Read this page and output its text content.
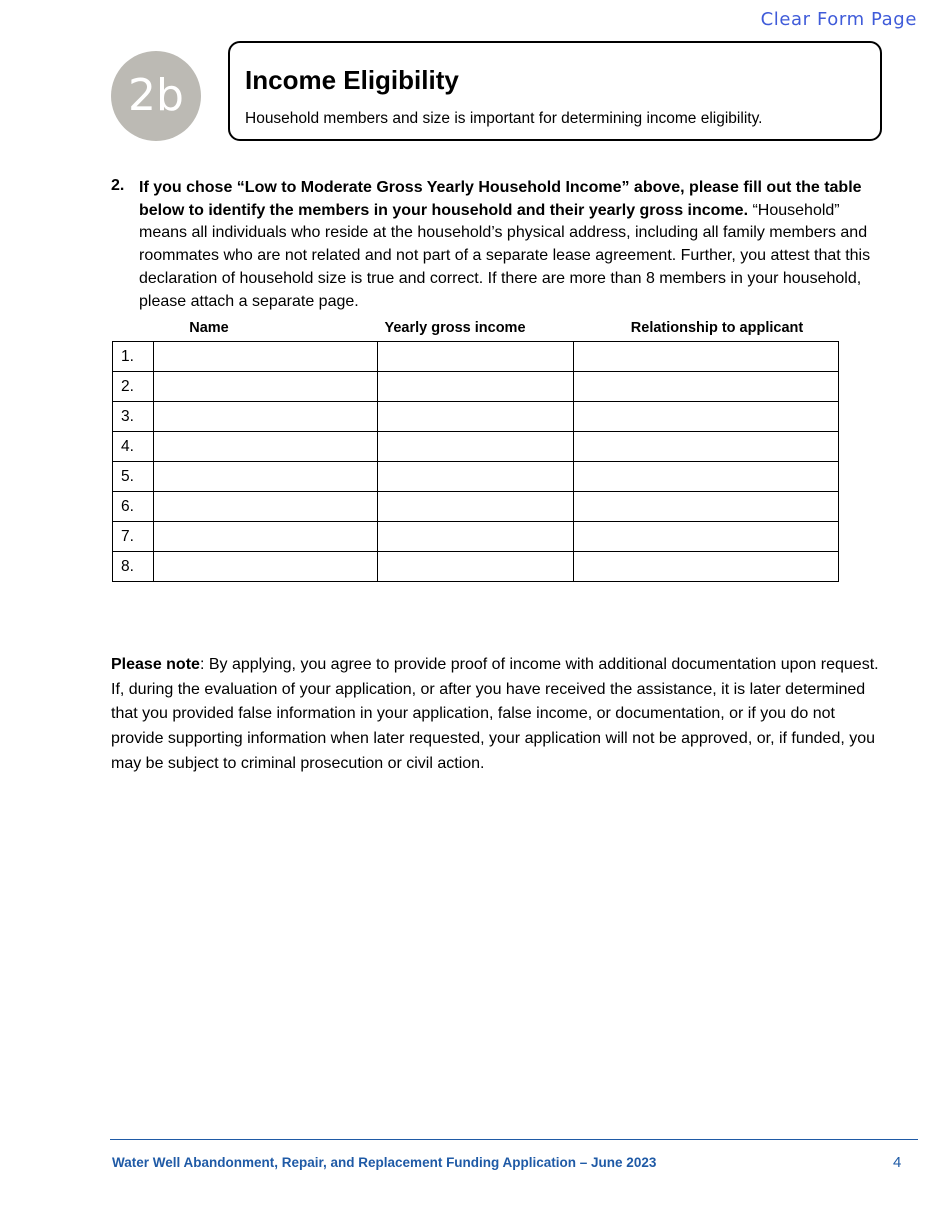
Clear Form Page
2b	Income Eligibility
Household members and size is important for determining income eligibility.
2. If you chose “Low to Moderate Gross Yearly Household Income” above, please fill out the table below to identify the members in your household and their yearly gross income. “Household” means all individuals who reside at the household’s physical address, including all family members and roommates who are not related and not part of a separate lease agreement. Further, you attest that this declaration of household size is true and correct. If there are more than 8 members in your household, please attach a separate page.
Name	Yearly gross income	Relationship to applicant
1.			
2.			
3.			
4.			
5.			
6.			
7.			
8.			
Please note: By applying, you agree to provide proof of income with additional documentation upon request. If, during the evaluation of your application, or after you have received the assistance, it is later determined that you provided false information in your application, false income, or documentation, or if you do not provide supporting information when later requested, your application will not be approved, or, if funded, you may be subject to criminal prosecution or civil action.
Water Well Abandonment, Repair, and Replacement Funding Application – June 2023	4
